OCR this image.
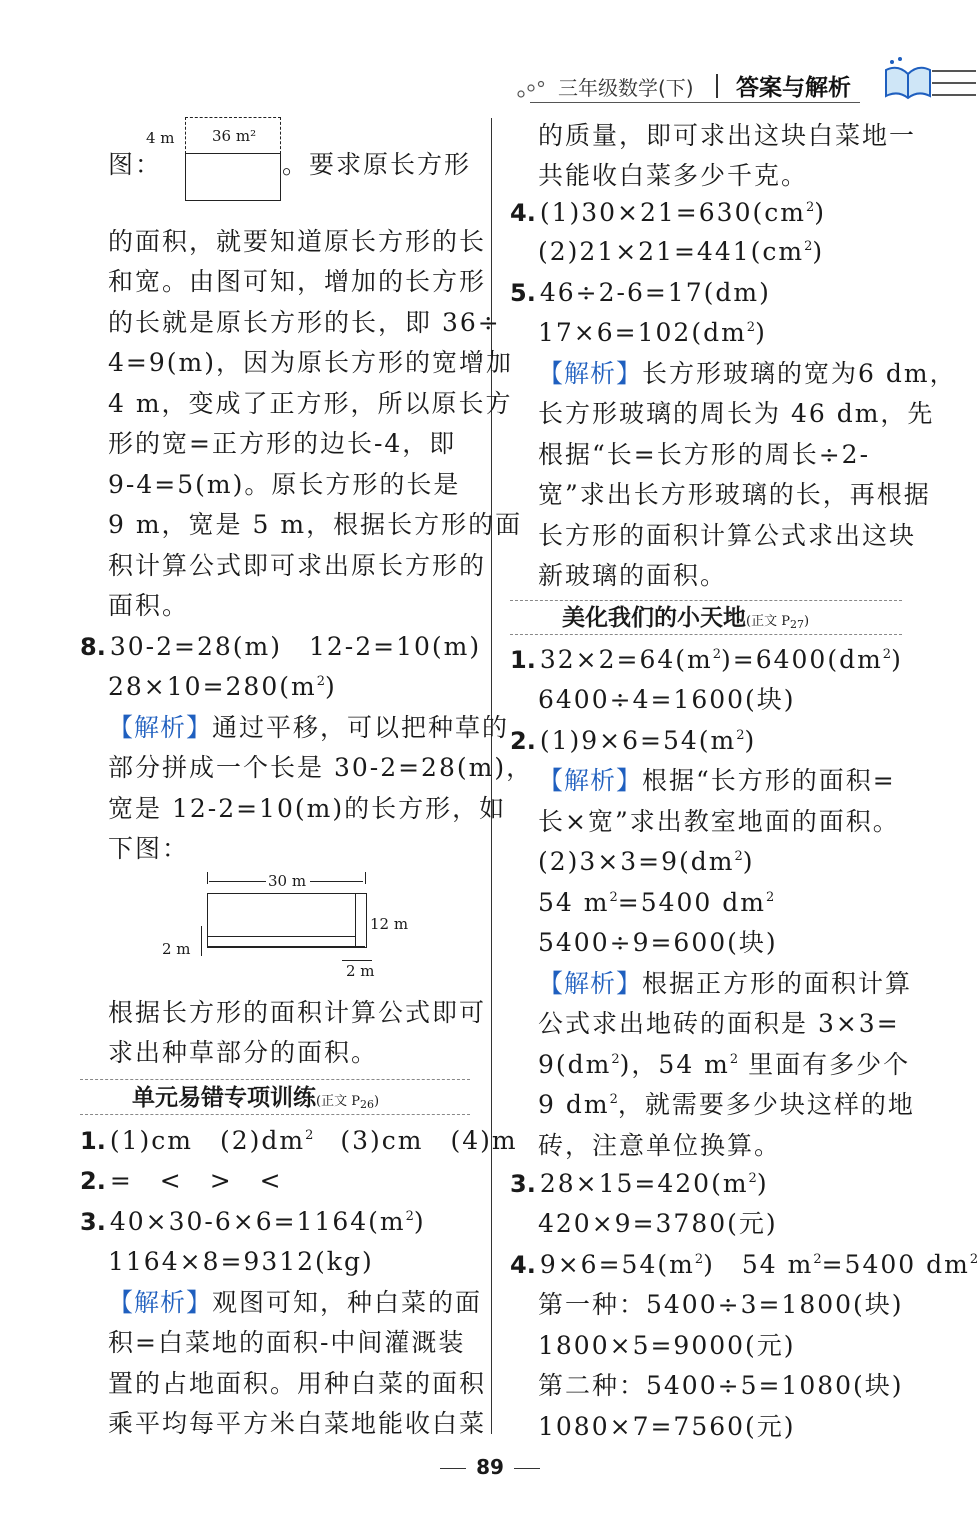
三年级数学(下) 答案与解析
4 m 36 m²
图：	。要求原长方形
的面积，就要知道原长方形的长
和宽。由图可知，增加的长方形
的长就是原长方形的长，即 36÷
4=9(m)，因为原长方形的宽增加
4 m，变成了正方形，所以原长方
形的宽=正方形的边长-4，即
9-4=5(m)。原长方形的长是
9 m，宽是 5 m，根据长方形的面
积计算公式即可求出原长方形的
面积。
8. 30-2=28(m)　12-2=10(m)
$28\times 10=280(m^2)$
【解析】通过平移，可以把种草的
部分拼成一个长是 30-2=28(m)，
宽是 12-2=10(m)的长方形，如
下图：
30 m
12 m
2 m
2 m
根据长方形的面积计算公式即可
求出种草部分的面积。
单元易错专项训练(正文 $P_{26}$)
1. (1)cm　$(2)dm^2$　(3)cm　(4)m
2. =　<　>　<
3. $40\times 30-6\times 6=1164(m^2)$
1164×8=9312(kg)
【解析】观图可知，种白菜的面
积=白菜地的面积-中间灌溉装
置的占地面积。用种白菜的面积
乘平均每平方米白菜地能收白菜
的质量，即可求出这块白菜地一
共能收白菜多少千克。
4. $(1)30\times 21=630(cm^2)$
$(2)21\times 21=441(cm^2)$
5. 46÷2-6=17(dm)
$17\times 6=102(dm^2)$
【解析】长方形玻璃的宽为6 dm，
长方形玻璃的周长为 46 dm，先
根据“长=长方形的周长÷2-
宽”求出长方形玻璃的长，再根据
长方形的面积计算公式求出这块
新玻璃的面积。
美化我们的小天地(正文 $P_{27}$)
1. $32\times 2=64(m^2)=6400(dm^2)$
6400÷4=1600(块)
2. $(1)9\times 6=54(m^2)$
【解析】根据“长方形的面积=
长×宽”求出教室地面的面积。
$(2)3\times 3=9(dm^2)$
54 $m^2=5400$ $dm^2$
5400÷9=600(块)
【解析】根据正方形的面积计算
公式求出地砖的面积是 3×3=
$9(dm^2)$，54 $m^2$ 里面有多少个
9 $dm^2$，就需要多少块这样的地
砖，注意单位换算。
3. $28\times 15=420(m^2)$
420×9=3780(元)
4. $9\times 6=54(m^2)$　54 $m^2=5400$ $dm^2$
第一种：5400÷3=1800(块)
1800×5=9000(元)
第二种：5400÷5=1080(块)
1080×7=7560(元)
89
